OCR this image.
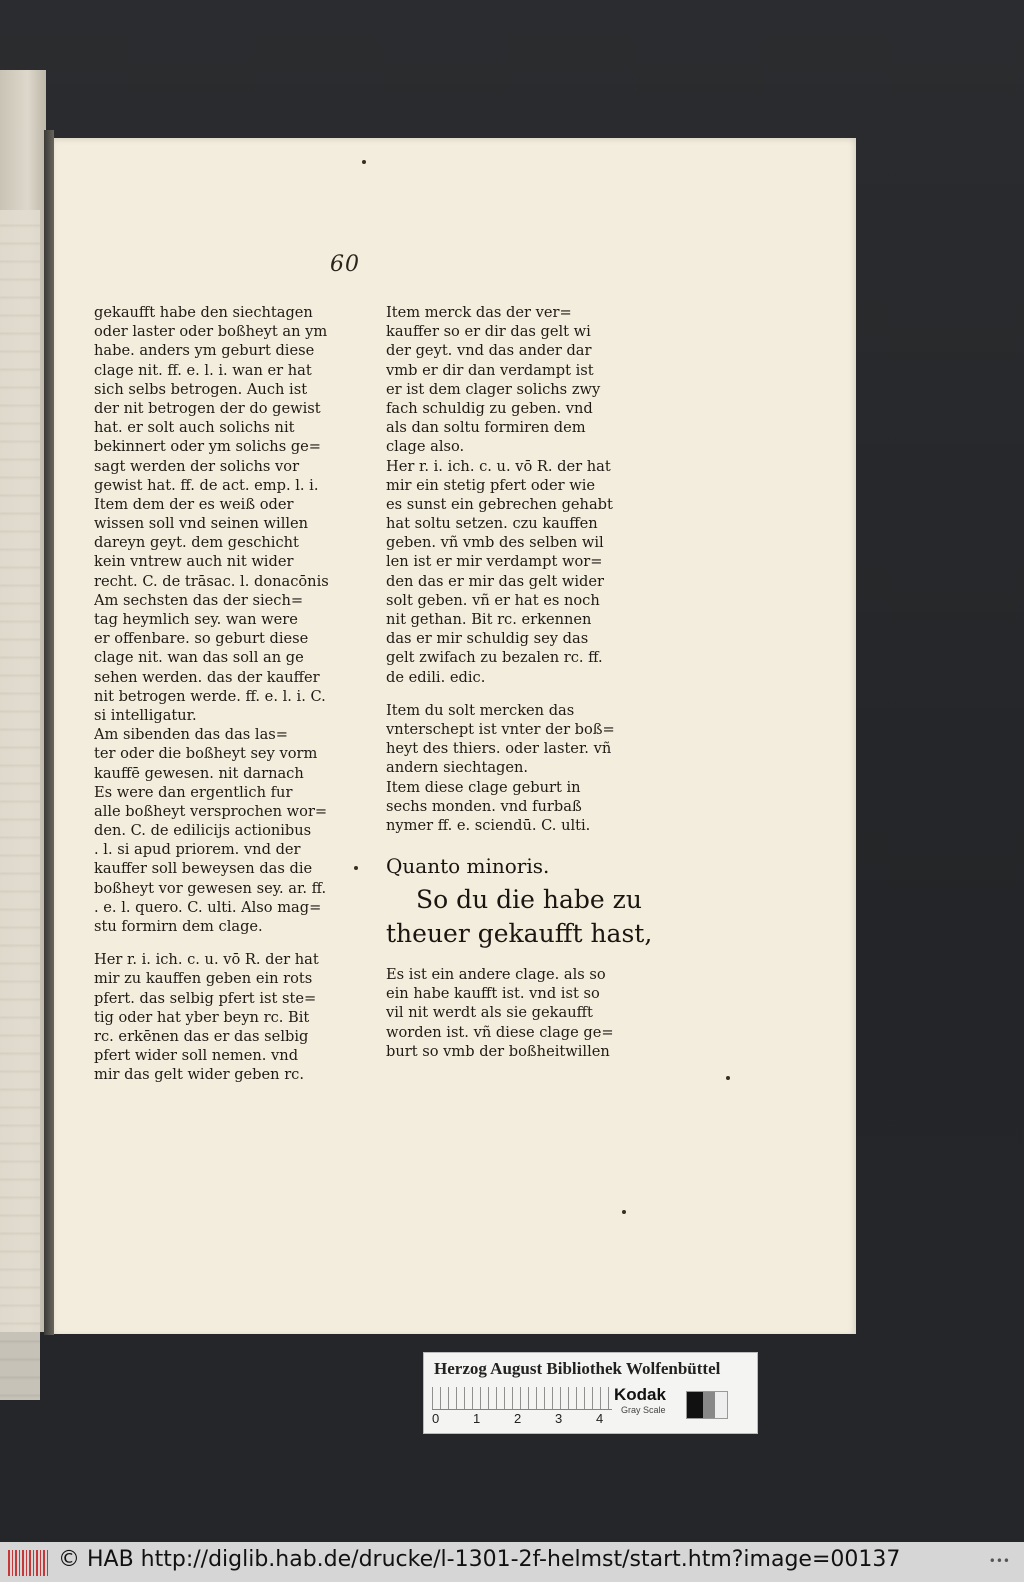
60
gekaufft habe den siechtagen
oder laster oder boßheyt an ym
habe. anders ym geburt diese
clage nit. ff. e. l. i. wan er hat
sich selbs betrogen. Auch ist
der nit betrogen der do gewist
hat. er solt auch solichs nit
bekinnert oder ym solichs ge=
sagt werden der solichs vor
gewist hat. ff. de act. emp. l. i.
Item dem der es weiß oder
wissen soll vnd seinen willen
dareyn geyt. dem geschicht
kein vntrew auch nit wider
recht. C. de trāsac. l. donacōnis
Am sechsten das der siech=
tag heymlich sey. wan were
er offenbare. so geburt diese
clage nit. wan das soll an ge
sehen werden. das der kauffer
nit betrogen werde. ff. e. l. i. C.
si intelligatur.
Am sibenden das das las=
ter oder die boßheyt sey vorm
kauffē gewesen. nit darnach
Es were dan ergentlich fur
alle boßheyt versprochen wor=
den. C. de edilicijs actionibus
. l. si apud priorem. vnd der
kauffer soll beweysen das die
boßheyt vor gewesen sey. ar. ff.
. e. l. quero. C. ulti. Also mag=
stu formirn dem clage.
Her r. i. ich. c. u. vō R. der hat
mir zu kauffen geben ein rots
pfert. das selbig pfert ist ste=
tig oder hat yber beyn rc. Bit
rc. erkēnen das er das selbig
pfert wider soll nemen. vnd
mir das gelt wider geben rc.
Item merck das der ver=
kauffer so er dir das gelt wi
der geyt. vnd das ander dar
vmb er dir dan verdampt ist
er ist dem clager solichs zwy
fach schuldig zu geben. vnd
als dan soltu formiren dem
clage also.
Her r. i. ich. c. u. vō R. der hat
mir ein stetig pfert oder wie
es sunst ein gebrechen gehabt
hat soltu setzen. czu kauffen
geben. vñ vmb des selben wil
len ist er mir verdampt wor=
den das er mir das gelt wider
solt geben. vñ er hat es noch
nit gethan. Bit rc. erkennen
das er mir schuldig sey das
gelt zwifach zu bezalen rc. ff.
de edili. edic.
Item du solt mercken das
vnterschept ist vnter der boß=
heyt des thiers. oder laster. vñ
andern siechtagen.
Item diese clage geburt in
sechs monden. vnd furbaß
nymer ff. e. sciendū. C. ulti.
Quanto minoris.
So du die habe zu
theuer gekaufft hast,
Es ist ein andere clage. als so
ein habe kaufft ist. vnd ist so
vil nit werdt als sie gekaufft
worden ist. vñ diese clage ge=
burt so vmb der boßheitwillen
Herzog August Bibliothek Wolfenbüttel
0	1	2	3	4
Kodak
Gray Scale
© HAB http://diglib.hab.de/drucke/l-1301-2f-helmst/start.htm?image=00137	•••
